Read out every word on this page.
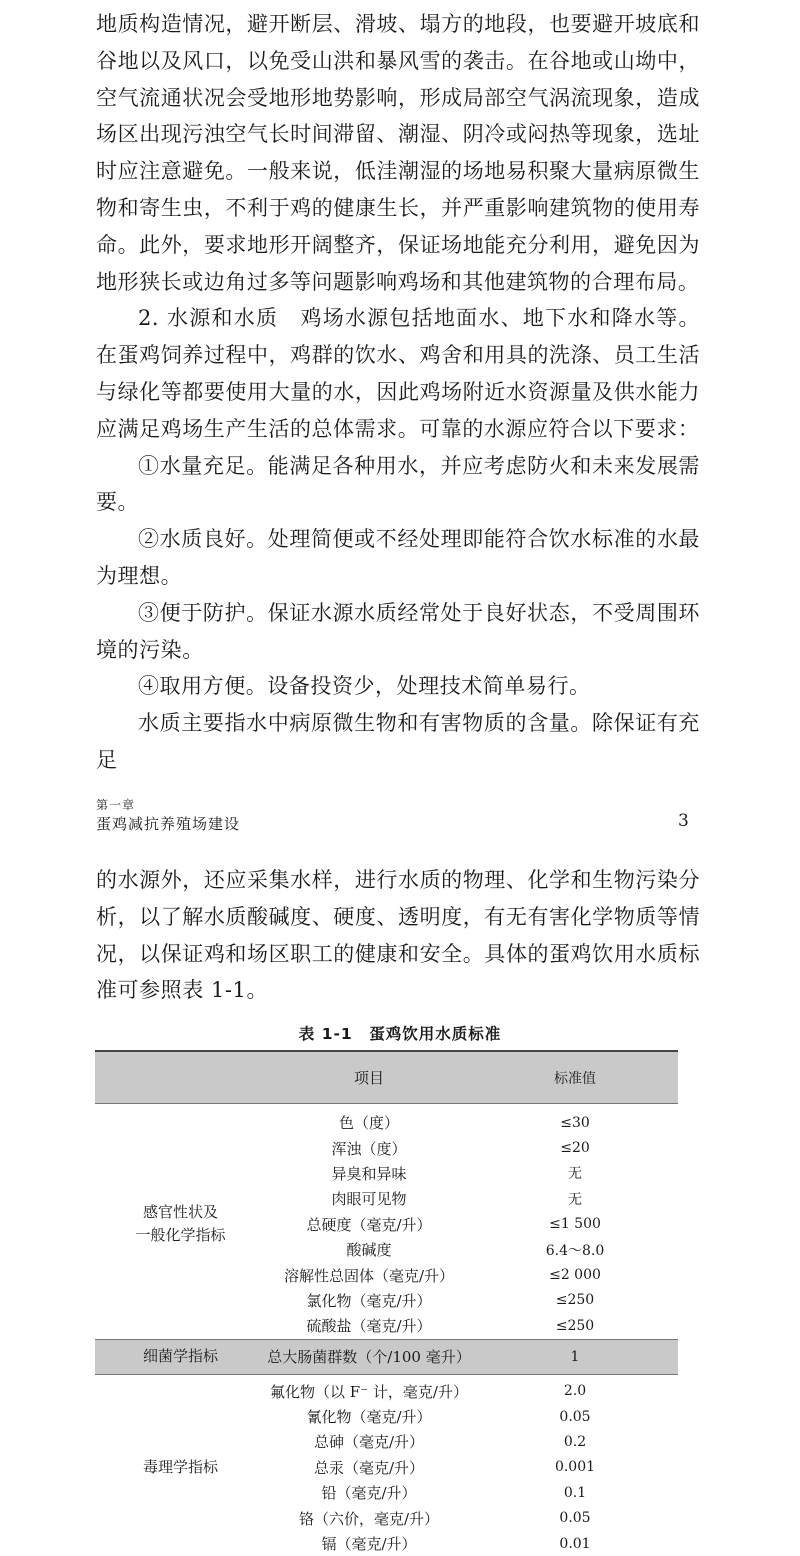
地质构造情况，避开断层、滑坡、塌方的地段，也要避开坡底和谷地以及风口，以免受山洪和暴风雪的袭击。在谷地或山坳中，空气流通状况会受地形地势影响，形成局部空气涡流现象，造成场区出现污浊空气长时间滞留、潮湿、阴冷或闷热等现象，选址时应注意避免。一般来说，低洼潮湿的场地易积聚大量病原微生物和寄生虫，不利于鸡的健康生长，并严重影响建筑物的使用寿命。此外，要求地形开阔整齐，保证场地能充分利用，避免因为地形狭长或边角过多等问题影响鸡场和其他建筑物的合理布局。

2. 水源和水质　鸡场水源包括地面水、地下水和降水等。在蛋鸡饲养过程中，鸡群的饮水、鸡舍和用具的洗涤、员工生活与绿化等都要使用大量的水，因此鸡场附近水资源量及供水能力应满足鸡场生产生活的总体需求。可靠的水源应符合以下要求：

①水量充足。能满足各种用水，并应考虑防火和未来发展需要。

②水质良好。处理简便或不经处理即能符合饮水标准的水最为理想。

③便于防护。保证水源水质经常处于良好状态，不受周围环境的污染。

④取用方便。设备投资少，处理技术简单易行。

水质主要指水中病原微生物和有害物质的含量。除保证有充足

第一章
蛋鸡减抗养殖场建设	3

的水源外，还应采集水样，进行水质的物理、化学和生物污染分析，以了解水质酸碱度、硬度、透明度，有无有害化学物质等情况，以保证鸡和场区职工的健康和安全。具体的蛋鸡饮用水质标准可参照表 1-1。

表 1-1　蛋鸡饮用水质标准
	项目	标准值
感官性状及
一般化学指标	色（度）	≤30
	浑浊（度）	≤20
	异臭和异味	无
	肉眼可见物	无
	总硬度（毫克/升）	≤1 500
	酸碱度	6.4～8.0
	溶解性总固体（毫克/升）	≤2 000
	氯化物（毫克/升）	≤250
	硫酸盐（毫克/升）	≤250
细菌学指标	总大肠菌群数（个/100 毫升）	1
毒理学指标	氟化物（以 F⁻ 计，毫克/升）	2.0
	氰化物（毫克/升）	0.05
	总砷（毫克/升）	0.2
	总汞（毫克/升）	0.001
	铅（毫克/升）	0.1
	铬（六价，毫克/升）	0.05
	镉（毫克/升）	0.01
